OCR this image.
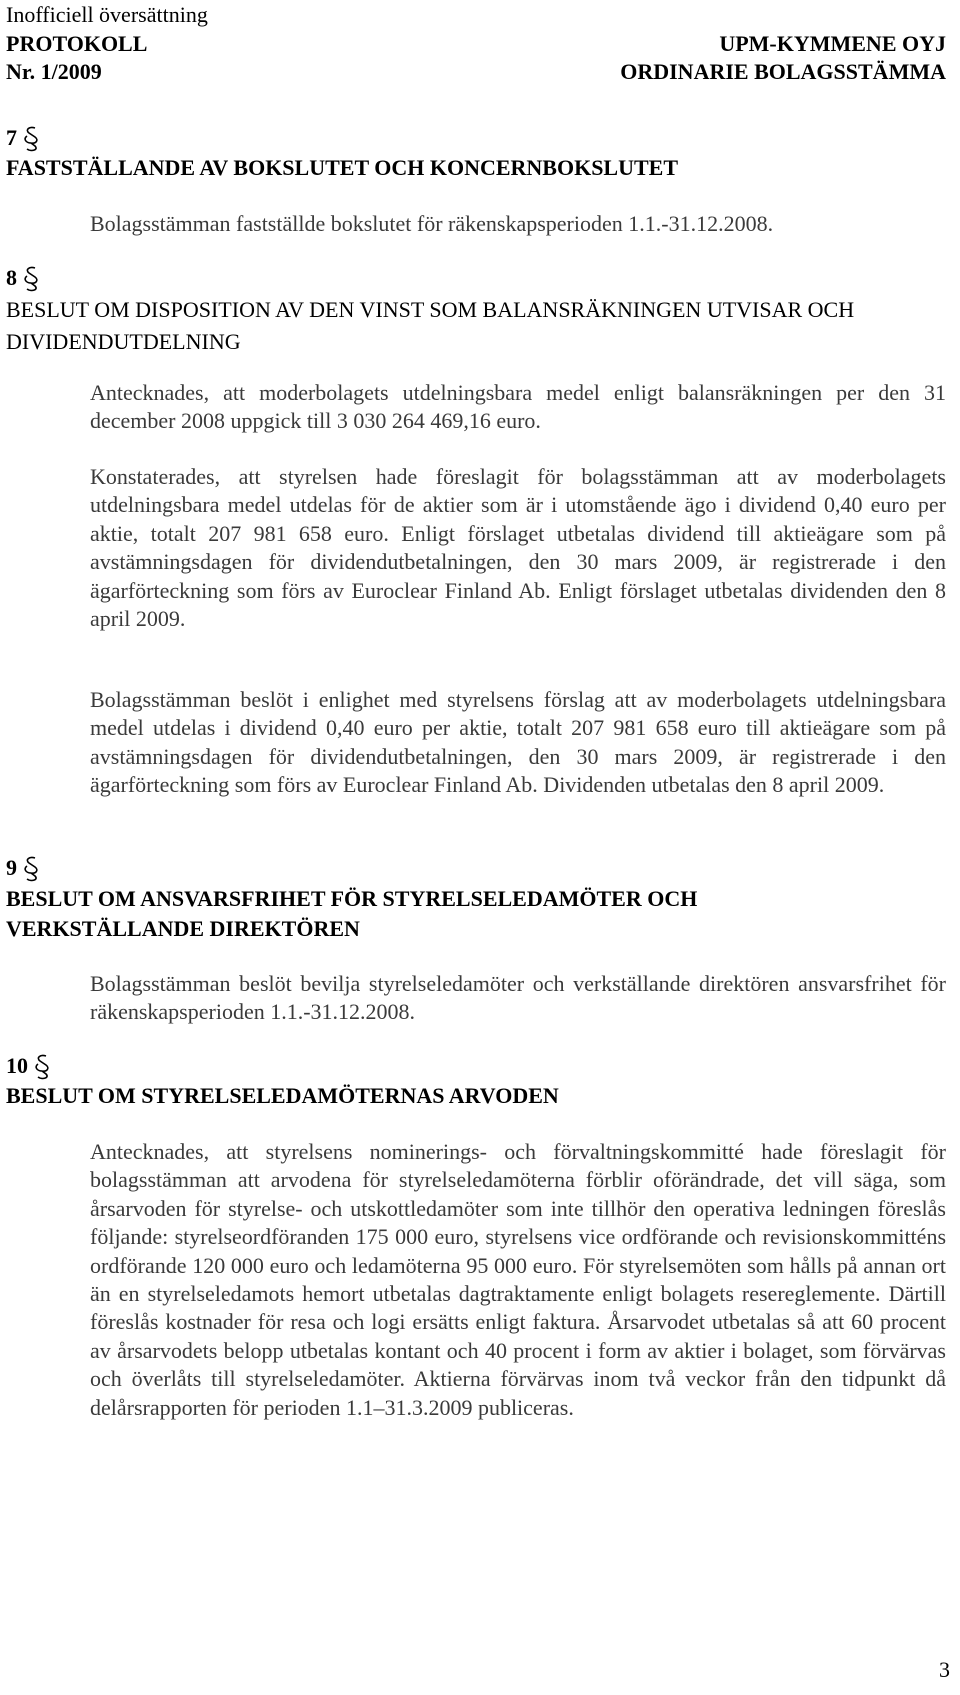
Inofficiell översättning
PROTOKOLL	UPM-KYMMENE OYJ
Nr. 1/2009	ORDINARIE BOLAGSSTÄMMA
7
FASTSTÄLLANDE AV BOKSLUTET OCH KONCERNBOKSLUTET
Bolagsstämman fastställde bokslutet för räkenskapsperioden 1.1.-31.12.2008.
8
BESLUT OM DISPOSITION AV DEN VINST SOM BALANSRÄKNINGEN UTVISAR OCH DIVIDENDUTDELNING
Antecknades, att moderbolagets utdelningsbara medel enligt balansräkningen per den 31 december 2008 uppgick till 3 030 264 469,16 euro.
Konstaterades, att styrelsen hade föreslagit för bolagsstämman att av moderbolagets utdelningsbara medel utdelas för de aktier som är i utomstående ägo i dividend 0,40 euro per aktie, totalt 207 981 658 euro. Enligt förslaget utbetalas dividend till aktieägare som på avstämningsdagen för dividendutbetalningen, den 30 mars 2009, är registrerade i den ägarförteckning som förs av Euroclear Finland Ab. Enligt förslaget utbetalas dividenden den 8 april 2009.
Bolagsstämman beslöt i enlighet med styrelsens förslag att av moderbolagets utdelningsbara medel utdelas i dividend 0,40 euro per aktie, totalt 207 981 658 euro till aktieägare som på avstämningsdagen för dividendutbetalningen, den 30 mars 2009, är registrerade i den ägarförteckning som förs av Euroclear Finland Ab. Dividenden utbetalas den 8 april 2009.
9
BESLUT OM ANSVARSFRIHET FÖR STYRELSELEDAMÖTER OCH VERKSTÄLLANDE DIREKTÖREN
Bolagsstämman beslöt bevilja styrelseledamöter och verkställande direktören ansvarsfrihet för räkenskapsperioden 1.1.-31.12.2008.
10
BESLUT OM STYRELSELEDAMÖTERNAS ARVODEN
Antecknades, att styrelsens nominerings- och förvaltningskommitté hade föreslagit för bolagsstämman att arvodena för styrelseledamöterna förblir oförändrade, det vill säga, som årsarvoden för styrelse- och utskottledamöter som inte tillhör den operativa ledningen föreslås följande: styrelseordföranden 175 000 euro, styrelsens vice ordförande och revisionskommitténs ordförande 120 000 euro och ledamöterna 95 000 euro. För styrelsemöten som hålls på annan ort än en styrelseledamots hemort utbetalas dagtraktamente enligt bolagets resereglemente. Därtill föreslås kostnader för resa och logi ersätts enligt faktura. Årsarvodet utbetalas så att 60 procent av årsarvodets belopp utbetalas kontant och 40 procent i form av aktier i bolaget, som förvärvas och överlåts till styrelseledamöter. Aktierna förvärvas inom två veckor från den tidpunkt då delårsrapporten för perioden 1.1–31.3.2009 publiceras.
3
